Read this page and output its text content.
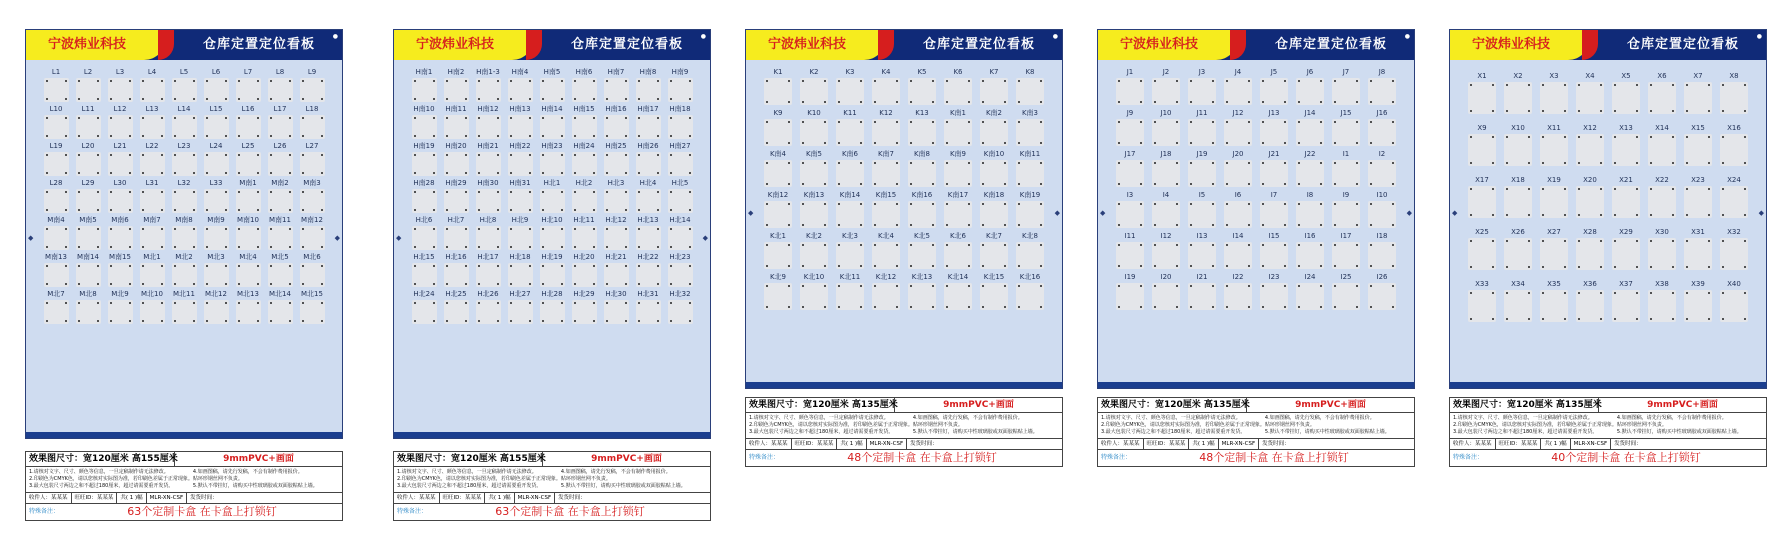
宁波炜业科技	仓库定置定位看板
●
L1	L2	L3	L4	L5	L6	L7	L8	L9
L10	L11	L12	L13	L14	L15	L16	L17	L18
L19	L20	L21	L22	L23	L24	L25	L26	L27
L28	L29	L30	L31	L32	L33	M南1	M南2	M南3
M南4	M南5	M南6	M南7	M南8	M南9	M南10	M南11	M南12
M南13	M南14	M南15	M北1	M北2	M北3	M北4	M北5	M北6
M北7	M北8	M北9	M北10	M北11	M北12	M北13	M北14	M北15
◆	◆
效果图尺寸：宽120厘米 高155厘米	9mmPVC+画面
1.请核对文字、尺寸、颜色等信息，一旦定稿制作请无法修改。
2.印刷色为CMYK色，请以您核对实际图为准，若印刷色差属于正常现象。
3.最大包装尺寸两边之和不超过180厘米，超过请需要重开发货。
4.如画图稿，请先行发稿，不会有制作费用报价。
贴环形钢丝网不负责。
5.默认不带挂钉，请购买中性玻璃胶或双面胶粘贴上墙。
收件人：某某某	旺旺ID：某某某	共( 1 )幅	MLR-XN-CSF	发货时间：
特殊备注：	63个定制卡盒 在卡盒上打锁钉
宁波炜业科技	仓库定置定位看板
●
H南1	H南2	H南1-3	H南4	H南5	H南6	H南7	H南8	H南9
H南10	H南11	H南12	H南13	H南14	H南15	H南16	H南17	H南18
H南19	H南20	H南21	H南22	H南23	H南24	H南25	H南26	H南27
H南28	H南29	H南30	H南31	H北1	H北2	H北3	H北4	H北5
H北6	H北7	H北8	H北9	H北10	H北11	H北12	H北13	H北14
H北15	H北16	H北17	H北18	H北19	H北20	H北21	H北22	H北23
H北24	H北25	H北26	H北27	H北28	H北29	H北30	H北31	H北32
◆	◆
效果图尺寸：宽120厘米 高155厘米	9mmPVC+画面
1.请核对文字、尺寸、颜色等信息，一旦定稿制作请无法修改。
2.印刷色为CMYK色，请以您核对实际图为准，若印刷色差属于正常现象。
3.最大包装尺寸两边之和不超过180厘米，超过请需要重开发货。
4.如画图稿，请先行发稿，不会有制作费用报价。
贴环形钢丝网不负责。
5.默认不带挂钉，请购买中性玻璃胶或双面胶粘贴上墙。
收件人：某某某	旺旺ID：某某某	共( 1 )幅	MLR-XN-CSF	发货时间：
特殊备注：	63个定制卡盒 在卡盒上打锁钉
宁波炜业科技	仓库定置定位看板
●
K1	K2	K3	K4	K5	K6	K7	K8
K9	K10	K11	K12	K13	K南1	K南2	K南3
K南4	K南5	K南6	K南7	K南8	K南9	K南10	K南11
K南12	K南13	K南14	K南15	K南16	K南17	K南18	K南19
K北1	K北2	K北3	K北4	K北5	K北6	K北7	K北8
K北9	K北10	K北11	K北12	K北13	K北14	K北15	K北16
◆	◆
效果图尺寸：宽120厘米 高135厘米	9mmPVC+画面
1.请核对文字、尺寸、颜色等信息，一旦定稿制作请无法修改。
2.印刷色为CMYK色，请以您核对实际图为准，若印刷色差属于正常现象。
3.最大包装尺寸两边之和不超过180厘米，超过请需要重开发货。
4.如画图稿，请先行发稿，不会有制作费用报价。
贴环形钢丝网不负责。
5.默认不带挂钉，请购买中性玻璃胶或双面胶粘贴上墙。
收件人：某某某	旺旺ID：某某某	共( 1 )幅	MLR-XN-CSF	发货时间：
特殊备注：	48个定制卡盒 在卡盒上打锁钉
宁波炜业科技	仓库定置定位看板
●
J1	J2	J3	J4	J5	J6	J7	J8
J9	J10	J11	J12	J13	J14	J15	J16
J17	J18	J19	J20	J21	J22	I1	I2
I3	I4	I5	I6	I7	I8	I9	I10
I11	I12	I13	I14	I15	I16	I17	I18
I19	I20	I21	I22	I23	I24	I25	I26
◆	◆
效果图尺寸：宽120厘米 高135厘米	9mmPVC+画面
1.请核对文字、尺寸、颜色等信息，一旦定稿制作请无法修改。
2.印刷色为CMYK色，请以您核对实际图为准，若印刷色差属于正常现象。
3.最大包装尺寸两边之和不超过180厘米，超过请需要重开发货。
4.如画图稿，请先行发稿，不会有制作费用报价。
贴环形钢丝网不负责。
5.默认不带挂钉，请购买中性玻璃胶或双面胶粘贴上墙。
收件人：某某某	旺旺ID：某某某	共( 1 )幅	MLR-XN-CSF	发货时间：
特殊备注：	48个定制卡盒 在卡盒上打锁钉
宁波炜业科技	仓库定置定位看板
●
X1	X2	X3	X4	X5	X6	X7	X8
X9	X10	X11	X12	X13	X14	X15	X16
X17	X18	X19	X20	X21	X22	X23	X24
X25	X26	X27	X28	X29	X30	X31	X32
X33	X34	X35	X36	X37	X38	X39	X40
◆	◆
效果图尺寸：宽120厘米 高135厘米	9mmPVC+画面
1.请核对文字、尺寸、颜色等信息，一旦定稿制作请无法修改。
2.印刷色为CMYK色，请以您核对实际图为准，若印刷色差属于正常现象。
3.最大包装尺寸两边之和不超过180厘米，超过请需要重开发货。
4.如画图稿，请先行发稿，不会有制作费用报价。
贴环形钢丝网不负责。
5.默认不带挂钉，请购买中性玻璃胶或双面胶粘贴上墙。
收件人：某某某	旺旺ID：某某某	共( 1 )幅	MLR-XN-CSF	发货时间：
特殊备注：	40个定制卡盒 在卡盒上打锁钉
